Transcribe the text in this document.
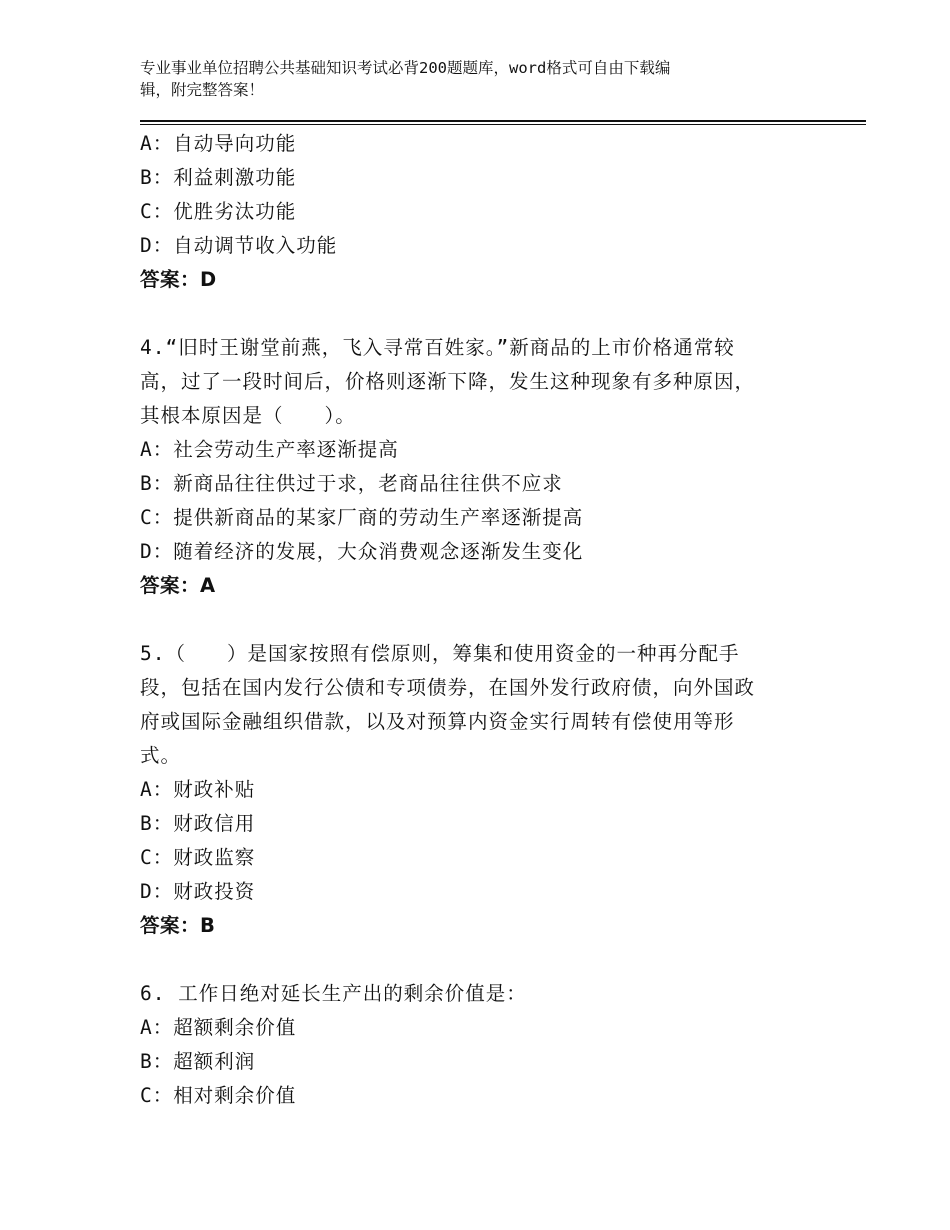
专业事业单位招聘公共基础知识考试必背200题题库，word格式可自由下载编
辑，附完整答案！
A：自动导向功能
B：利益刺激功能
C：优胜劣汰功能
D：自动调节收入功能
答案：D
4.“旧时王谢堂前燕，飞入寻常百姓家。”新商品的上市价格通常较
高，过了一段时间后，价格则逐渐下降，发生这种现象有多种原因，
其根本原因是（　　）。
A：社会劳动生产率逐渐提高
B：新商品往往供过于求，老商品往往供不应求
C：提供新商品的某家厂商的劳动生产率逐渐提高
D：随着经济的发展，大众消费观念逐渐发生变化
答案：A
5.（　　）是国家按照有偿原则，筹集和使用资金的一种再分配手
段，包括在国内发行公债和专项债券，在国外发行政府债，向外国政
府或国际金融组织借款，以及对预算内资金实行周转有偿使用等形
式。
A：财政补贴
B：财政信用
C：财政监察
D：财政投资
答案：B
6. 工作日绝对延长生产出的剩余价值是：
A：超额剩余价值
B：超额利润
C：相对剩余价值
